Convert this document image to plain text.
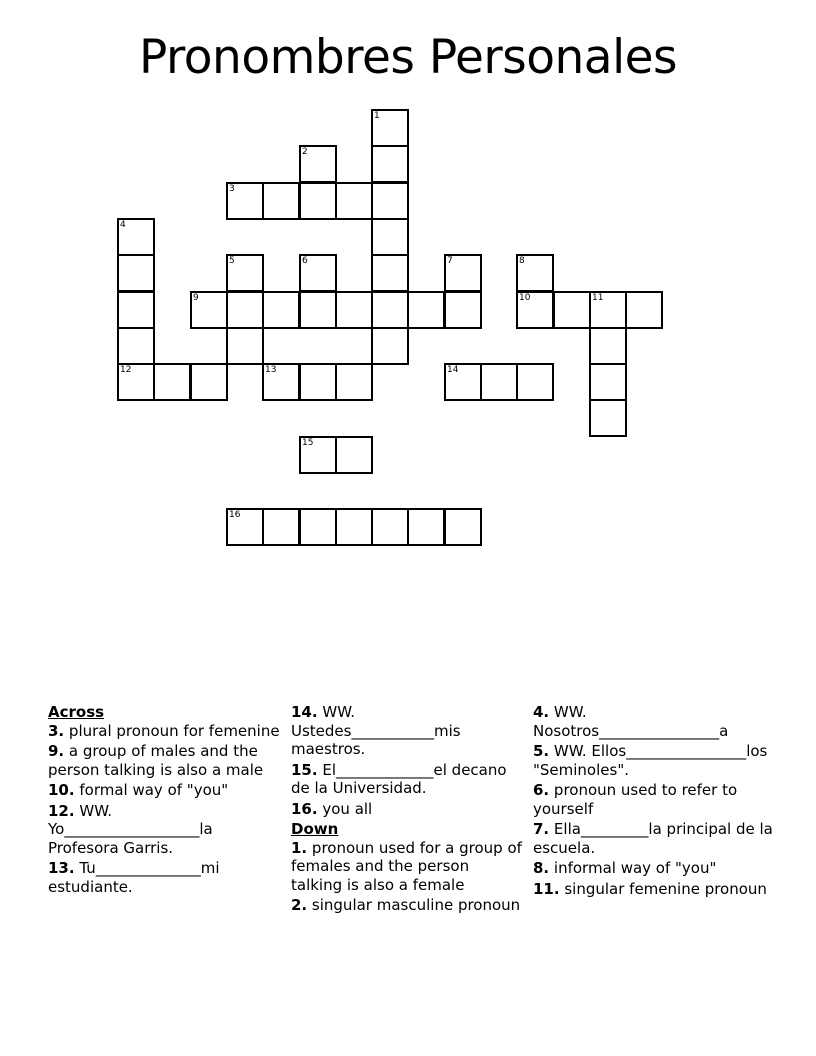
Pronombres Personales
1
2
3
4
12
5	6	7	8
10	11
9
13	14
15
16
Across
3. plural pronoun for femenine
9. a group of males and the person talking is also a male
10. formal way of "you"
12. WW. Yo__________________la Profesora Garris.
13. Tu______________mi estudiante.
14. WW. Ustedes___________mis maestros.
15. El_____________el decano de la Universidad.
16. you all
Down
1. pronoun used for a group of females and the person talking is also a female
2. singular masculine pronoun
4. WW. Nosotros________________a
5. WW. Ellos________________los "Seminoles".
6. pronoun used to refer to yourself
7. Ella_________la principal de la escuela.
8. informal way of "you"
11. singular femenine pronoun
